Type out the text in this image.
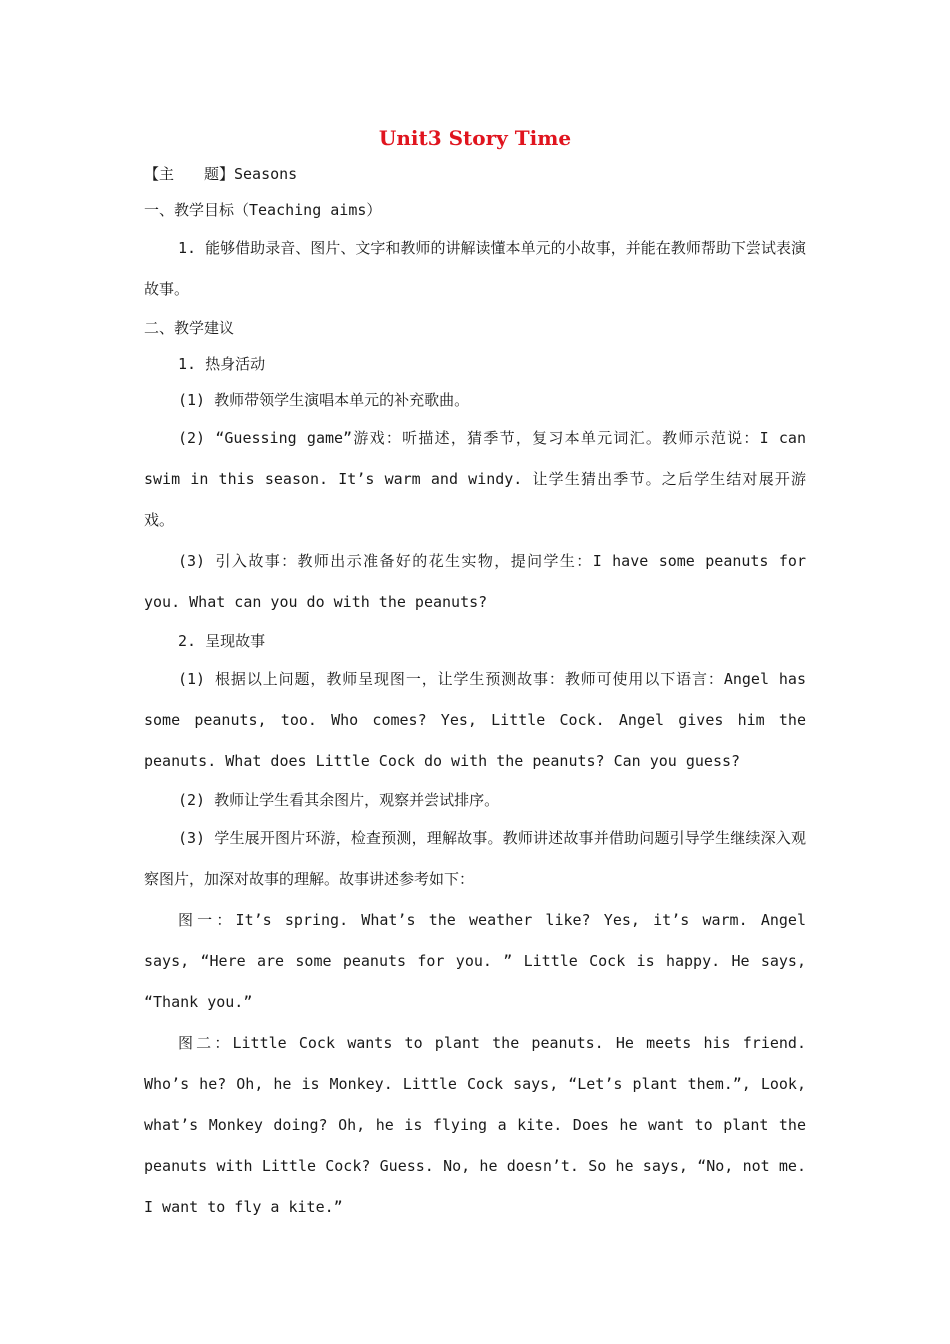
Unit3 Story Time

【主　　题】Seasons

一、教学目标（Teaching aims）

1. 能够借助录音、图片、文字和教师的讲解读懂本单元的小故事，并能在教师帮助下尝试表演故事。

二、教学建议

1. 热身活动

(1) 教师带领学生演唱本单元的补充歌曲。

(2) “Guessing game”游戏：听描述，猜季节，复习本单元词汇。教师示范说：I can swim in this season. It’s warm and windy. 让学生猜出季节。之后学生结对展开游戏。

(3) 引入故事：教师出示准备好的花生实物，提问学生：I have some peanuts for you. What can you do with the peanuts?

2. 呈现故事

(1) 根据以上问题，教师呈现图一，让学生预测故事：教师可使用以下语言：Angel has some peanuts, too. Who comes? Yes, Little Cock. Angel gives him the peanuts. What does Little Cock do with the peanuts? Can you guess?

(2) 教师让学生看其余图片，观察并尝试排序。

(3) 学生展开图片环游，检查预测，理解故事。教师讲述故事并借助问题引导学生继续深入观察图片，加深对故事的理解。故事讲述参考如下：

图一：It’s spring. What’s the weather like? Yes, it’s warm. Angel says, “Here are some peanuts for you. ” Little Cock is happy. He says, “Thank you.”

图二：Little Cock wants to plant the peanuts. He meets his friend. Who’s he? Oh, he is Monkey. Little Cock says, “Let’s plant them.”, Look, what’s Monkey doing? Oh, he is flying a kite. Does he want to plant the peanuts with Little Cock? Guess. No, he doesn’t. So he says, “No, not me. I want to fly a kite.”
